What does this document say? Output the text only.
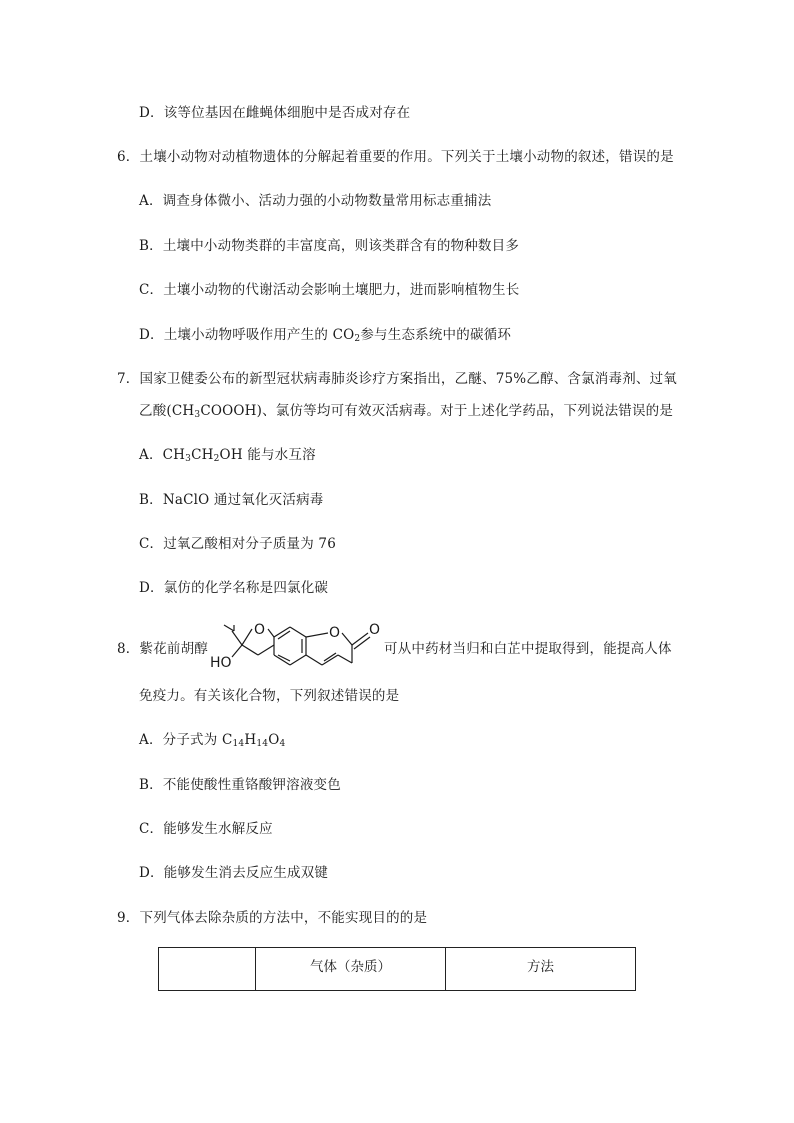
D．该等位基因在雌蝇体细胞中是否成对存在
6．土壤小动物对动植物遗体的分解起着重要的作用。下列关于土壤小动物的叙述，错误的是
A．调查身体微小、活动力强的小动物数量常用标志重捕法
B．土壤中小动物类群的丰富度高，则该类群含有的物种数目多
C．土壤小动物的代谢活动会影响土壤肥力，进而影响植物生长
D．土壤小动物呼吸作用产生的 $CO_2$参与生态系统中的碳循环
7．国家卫健委公布的新型冠状病毒肺炎诊疗方案指出，乙醚、75%乙醇、含氯消毒剂、过氧
乙酸$(CH_3COOOH)$、氯仿等均可有效灭活病毒。对于上述化学药品，下列说法错误的是
A．$CH_3CH_2OH$ 能与水互溶
B．NaClO 通过氧化灭活病毒
C．过氧乙酸相对分子质量为 76
D．氯仿的化学名称是四氯化碳
8．紫花前胡醇
O	O O
HO
可从中药材当归和白芷中提取得到，能提高人体
免疫力。有关该化合物，下列叙述错误的是
A．分子式为 $C_{14}H_{14}O_4$
B．不能使酸性重铬酸钾溶液变色
C．能够发生水解反应
D．能够发生消去反应生成双键
9．下列气体去除杂质的方法中，不能实现目的的是
	气体（杂质）	方法
